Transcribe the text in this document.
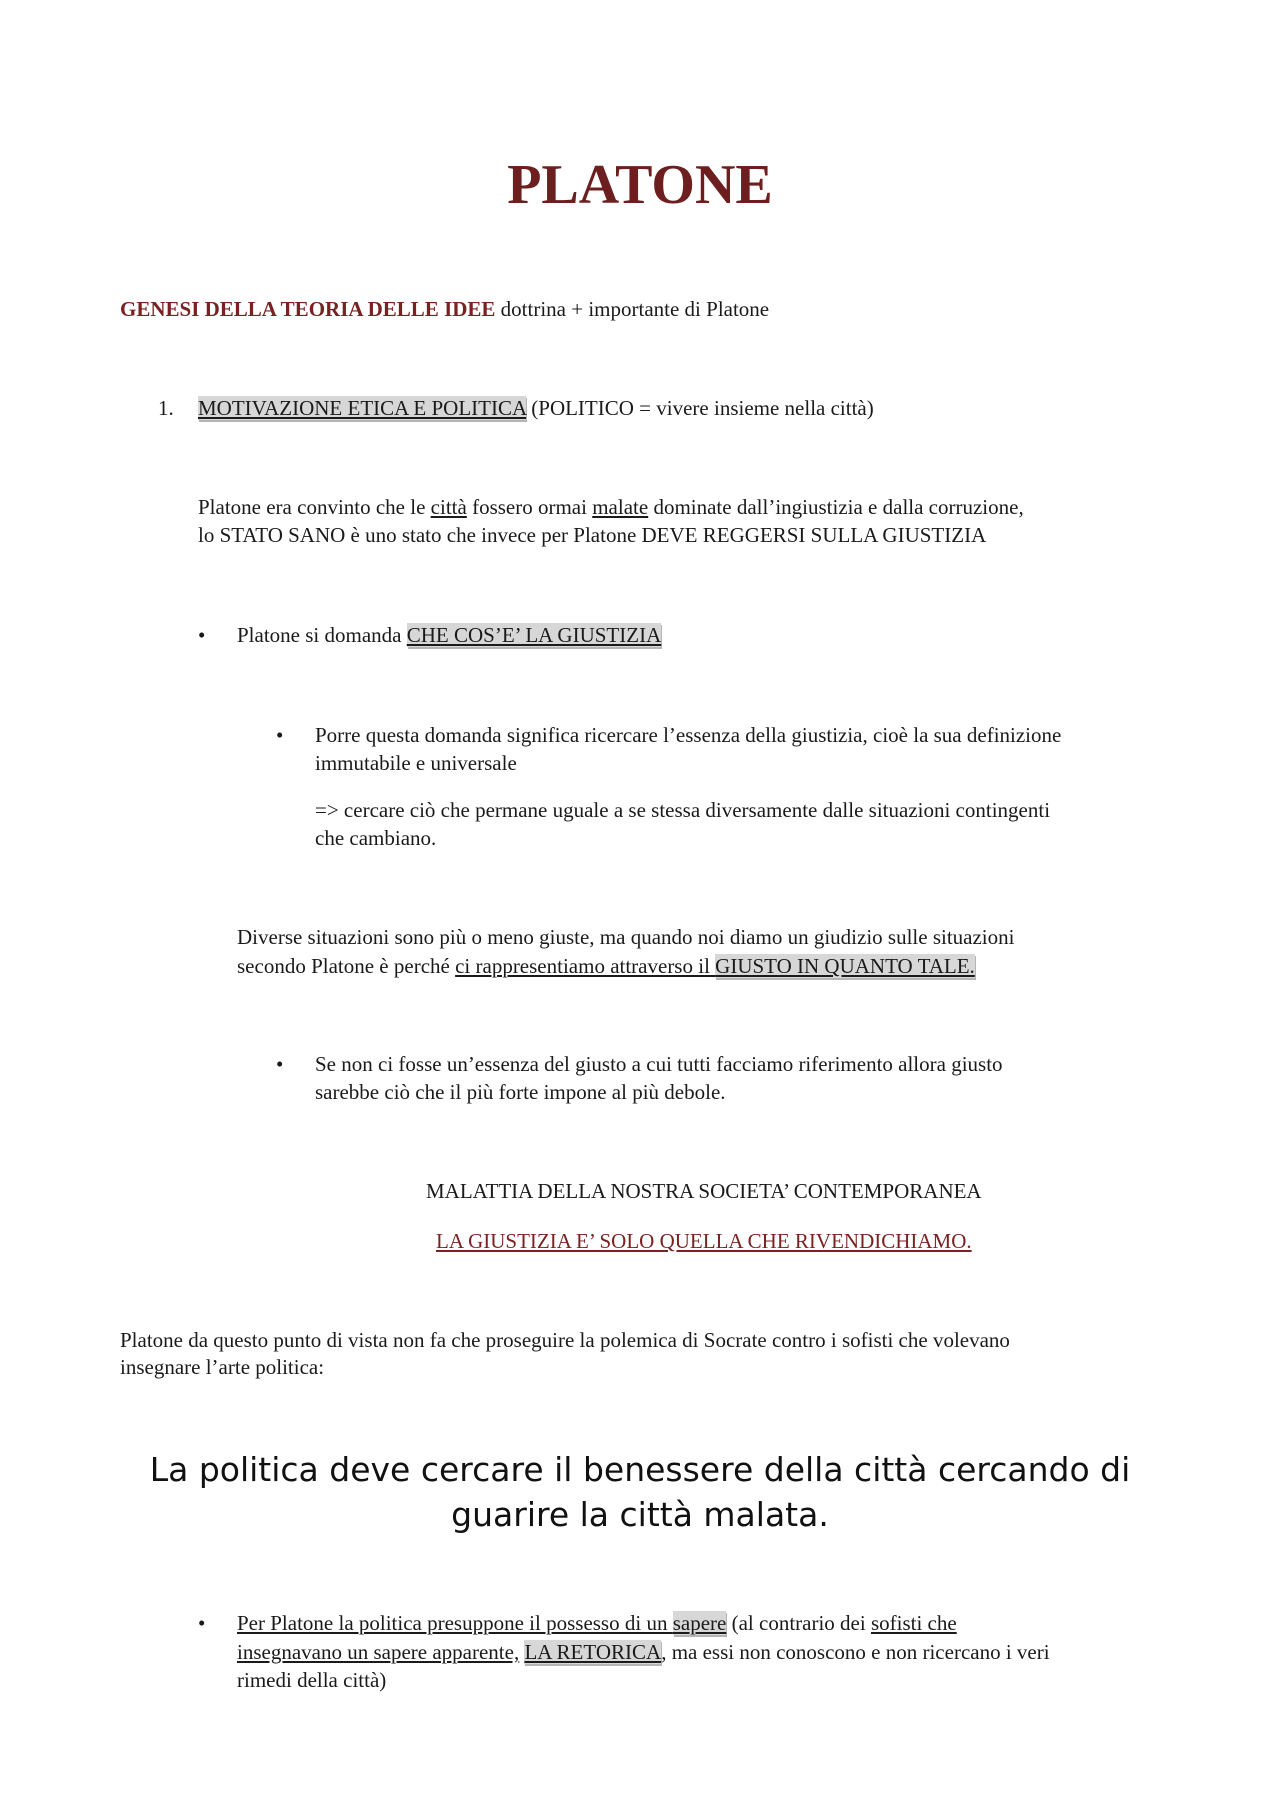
PLATONE
GENESI DELLA TEORIA DELLE IDEE dottrina + importante di Platone
1. MOTIVAZIONE ETICA E POLITICA (POLITICO = vivere insieme nella città)
Platone era convinto che le città fossero ormai malate dominate dall’ingiustizia e dalla corruzione,
lo STATO SANO è uno stato che invece per Platone DEVE REGGERSI SULLA GIUSTIZIA
• Platone si domanda CHE COS’E’ LA GIUSTIZIA
• Porre questa domanda significa ricercare l’essenza della giustizia, cioè la sua definizione
immutabile e universale
=> cercare ciò che permane uguale a se stessa diversamente dalle situazioni contingenti
che cambiano.
Diverse situazioni sono più o meno giuste, ma quando noi diamo un giudizio sulle situazioni
secondo Platone è perché ci rappresentiamo attraverso il GIUSTO IN QUANTO TALE.
• Se non ci fosse un’essenza del giusto a cui tutti facciamo riferimento allora giusto
sarebbe ciò che il più forte impone al più debole.
MALATTIA DELLA NOSTRA SOCIETA’ CONTEMPORANEA
LA GIUSTIZIA E’ SOLO QUELLA CHE RIVENDICHIAMO.
Platone da questo punto di vista non fa che proseguire la polemica di Socrate contro i sofisti che volevano
insegnare l’arte politica:
La politica deve cercare il benessere della città cercando di
guarire la città malata.
• Per Platone la politica presuppone il possesso di un sapere (al contrario dei sofisti che
insegnavano un sapere apparente, LA RETORICA, ma essi non conoscono e non ricercano i veri
rimedi della città)
